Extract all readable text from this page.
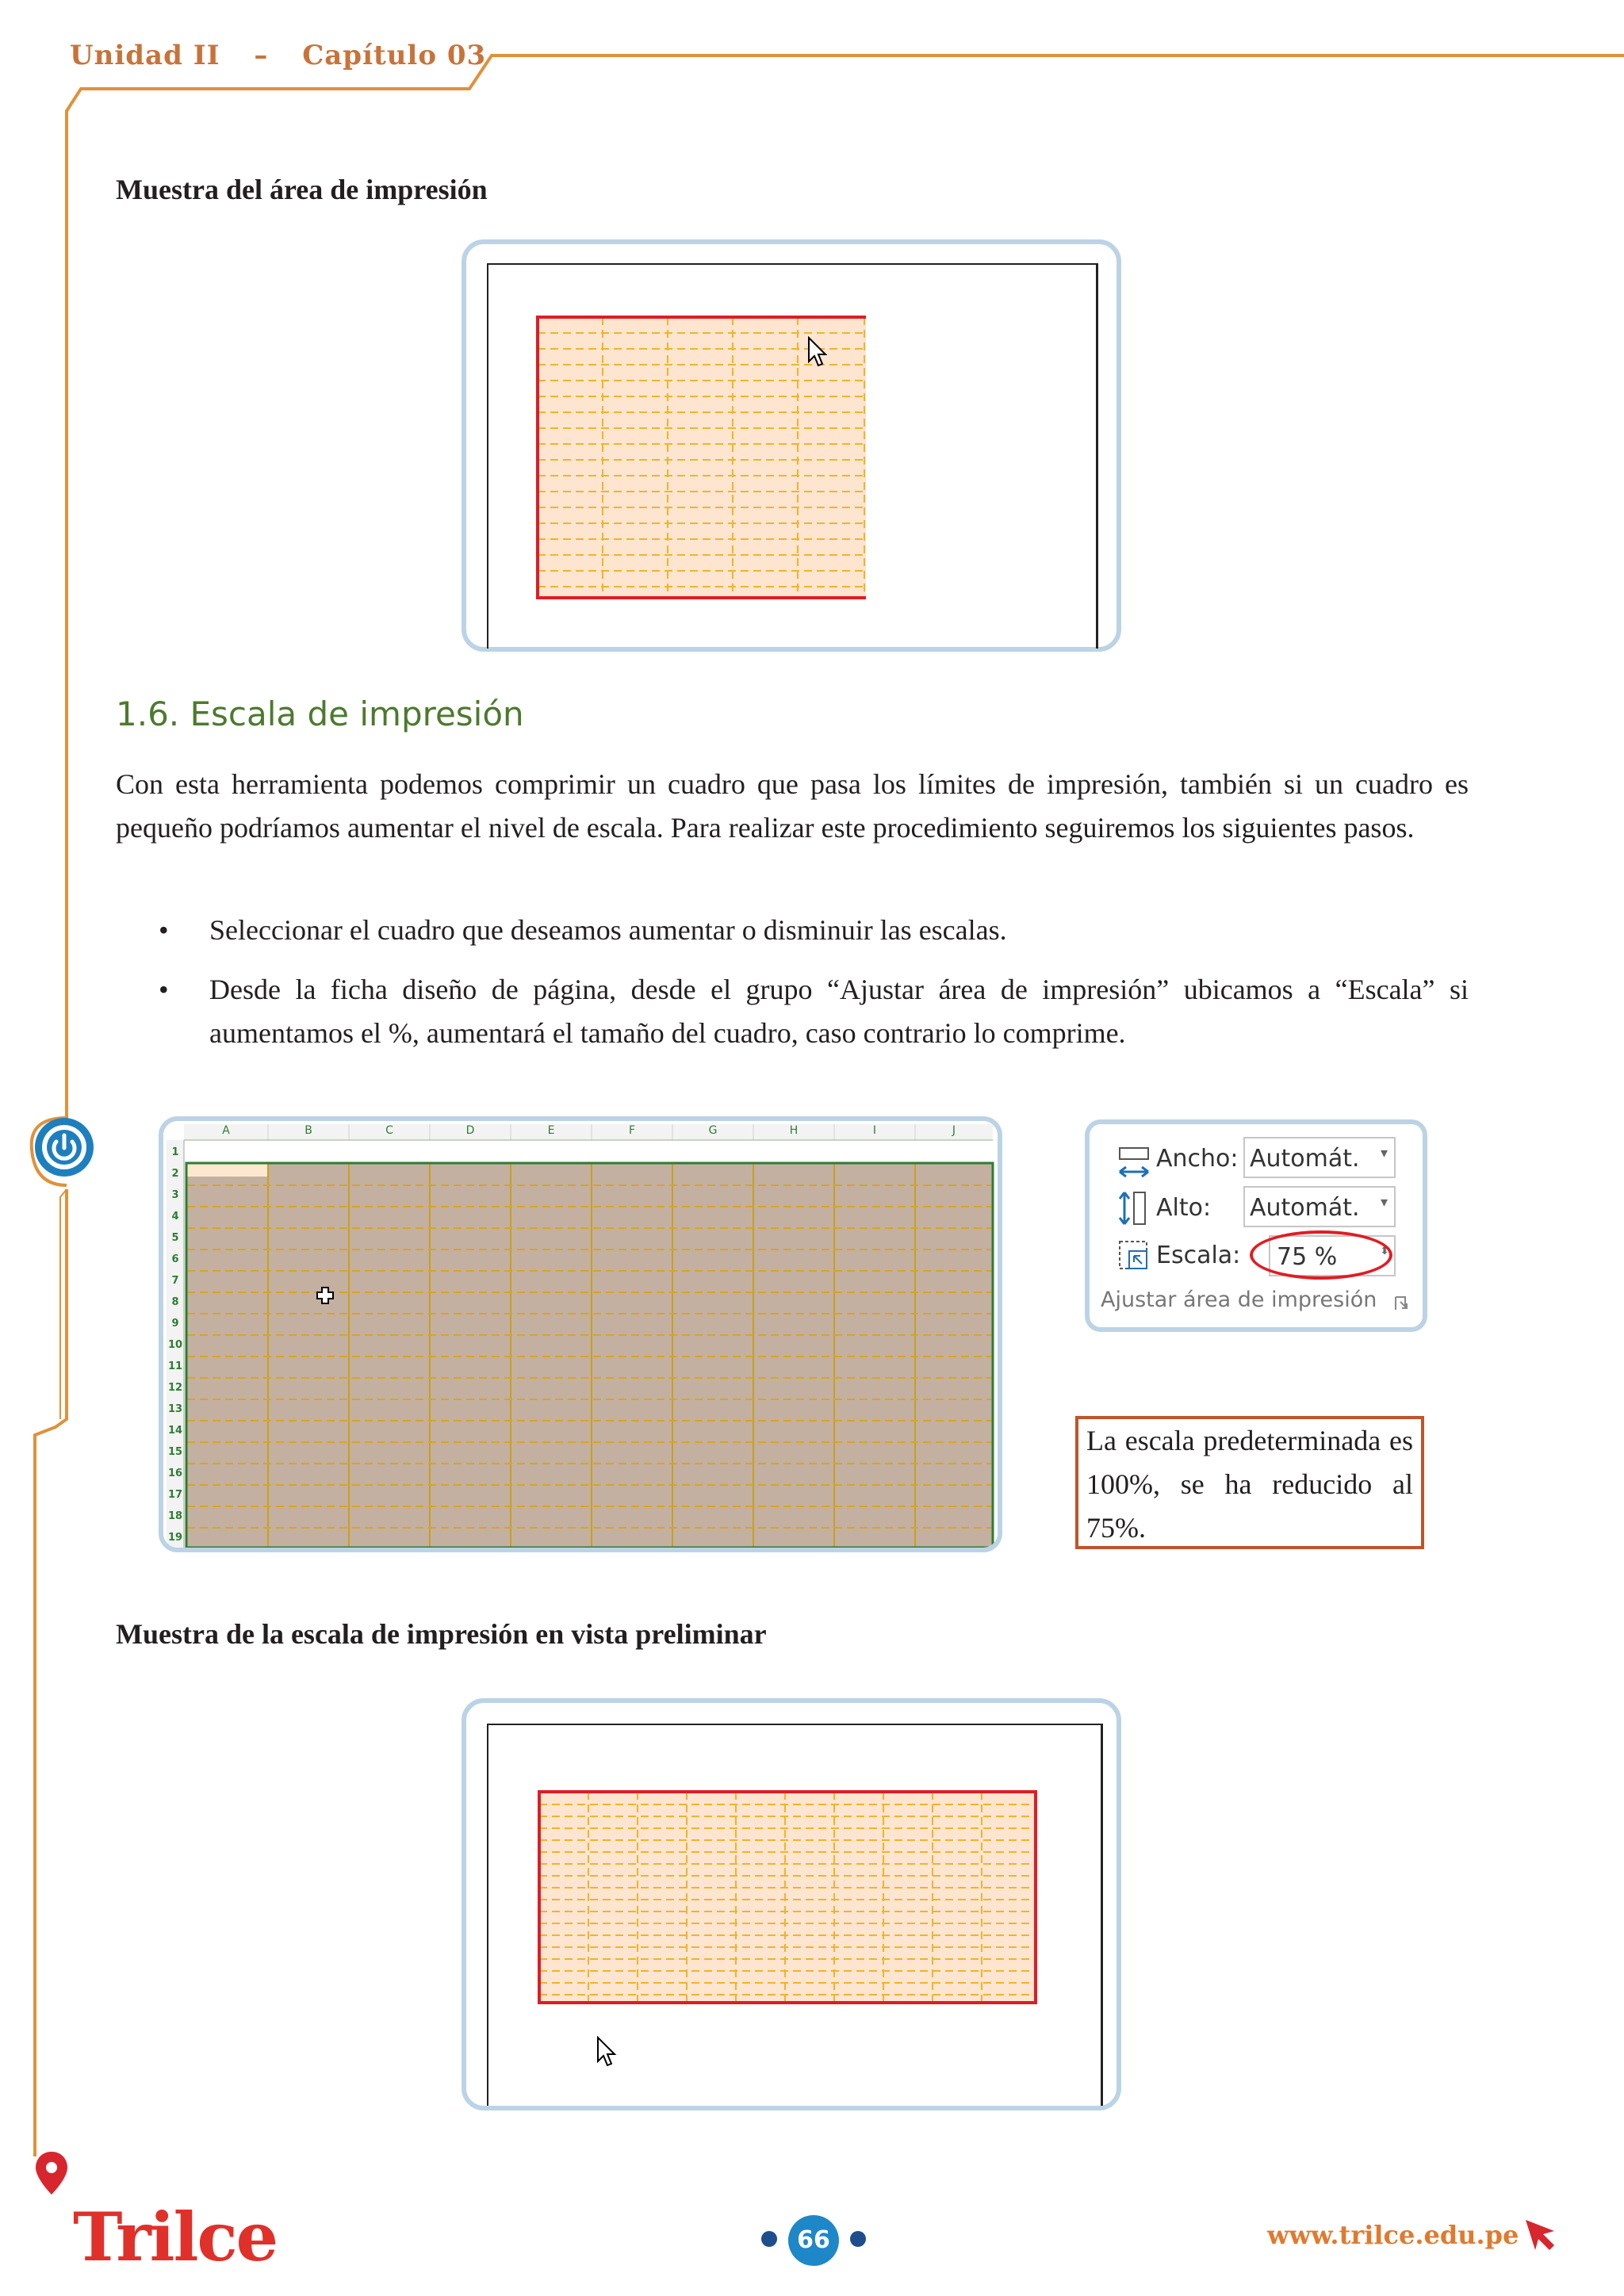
Unidad II – Capítulo 03
Muestra del área de impresión
1.6. Escala de impresión
Con esta herramienta podemos comprimir un cuadro que pasa los límites de impresión, también si un cuadro es pequeño podríamos aumentar el nivel de escala. Para realizar este procedimiento seguiremos los siguientes pasos.
• Seleccionar el cuadro que deseamos aumentar o disminuir las escalas.
• Desde la ficha diseño de página, desde el grupo “Ajustar área de impresión” ubicamos a “Escala” si aumentamos el %, aumentará el tamaño del cuadro, caso contrario lo comprime.
A	B	C	D	E	F	G	H	I	J
1
2
3
4
5
6
7
8
9
10
11
12
13
14
15
16
17
18
19
Ancho: Automát. ▾
Alto: Automát. ▾
Escala: 75 %	⬍
Ajustar área de impresión
La escala predeterminada es 100%, se ha reducido al 75%.
Muestra de la escala de impresión en vista preliminar
Trilce	66	www.trilce.edu.pe
